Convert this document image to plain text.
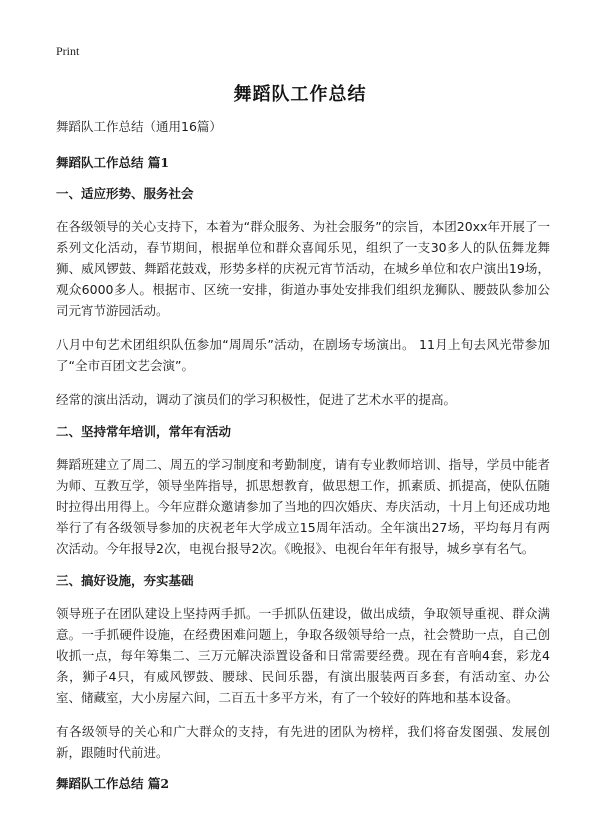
Print
舞蹈队工作总结

舞蹈队工作总结（通用16篇）

舞蹈队工作总结 篇1

一、适应形势、服务社会

在各级领导的关心支持下，本着为“群众服务、为社会服务”的宗旨，本团20xx年开展了一系列文化活动，春节期间，根据单位和群众喜闻乐见，组织了一支30多人的队伍舞龙舞狮、威风锣鼓、舞蹈花鼓戏，形势多样的庆祝元宵节活动，在城乡单位和农户演出19场，观众6000多人。根据市、区统一安排，街道办事处安排我们组织龙狮队、腰鼓队参加公司元宵节游园活动。

八月中旬艺术团组织队伍参加“周周乐”活动，在剧场专场演出。 11月上旬去风光带参加了“全市百团文艺会演”。

经常的演出活动，调动了演员们的学习积极性，促进了艺术水平的提高。

二、坚持常年培训，常年有活动

舞蹈班建立了周二、周五的学习制度和考勤制度，请有专业教师培训、指导，学员中能者为师、互教互学，领导坐阵指导，抓思想教育，做思想工作，抓素质、抓提高，使队伍随时拉得出用得上。今年应群众邀请参加了当地的四次婚庆、寿庆活动，十月上旬还成功地举行了有各级领导参加的庆祝老年大学成立15周年活动。全年演出27场，平均每月有两次活动。今年报导2次，电视台报导2次。《晚报》、电视台年年有报导，城乡享有名气。

三、搞好设施，夯实基础

领导班子在团队建设上坚持两手抓。一手抓队伍建设，做出成绩，争取领导重视、群众满意。一手抓硬件设施，在经费困难问题上，争取各级领导给一点，社会赞助一点，自己创收抓一点，每年筹集二、三万元解决添置设备和日常需要经费。现在有音响4套，彩龙4条，狮子4只，有威风锣鼓、腰球、民间乐器，有演出服装两百多套，有活动室、办公室、储藏室，大小房屋六间，二百五十多平方米，有了一个较好的阵地和基本设备。

有各级领导的关心和广大群众的支持，有先进的团队为榜样，我们将奋发图强、发展创新，跟随时代前进。

舞蹈队工作总结 篇2
